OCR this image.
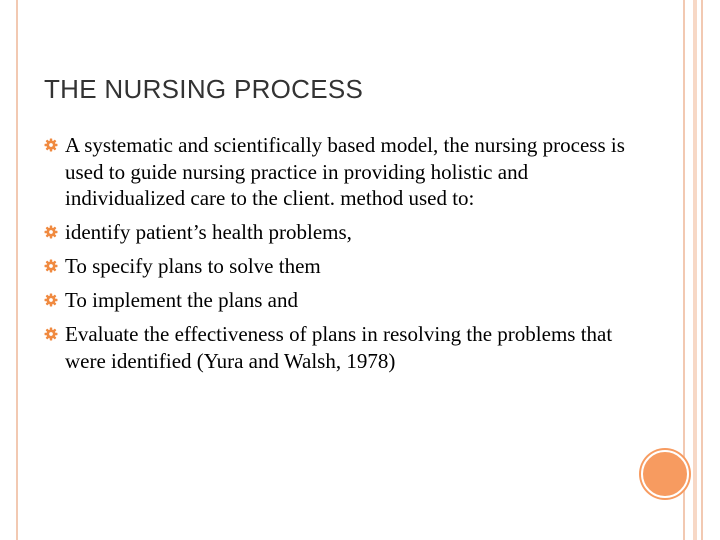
THE NURSING PROCESS
A systematic and scientifically based model, the nursing process is used to guide nursing practice in providing holistic and individualized care to the client. method used to:
identify patient’s health problems,
To specify plans to solve them
To implement the plans and
Evaluate the effectiveness of plans in resolving the problems that were identified (Yura and Walsh, 1978)
